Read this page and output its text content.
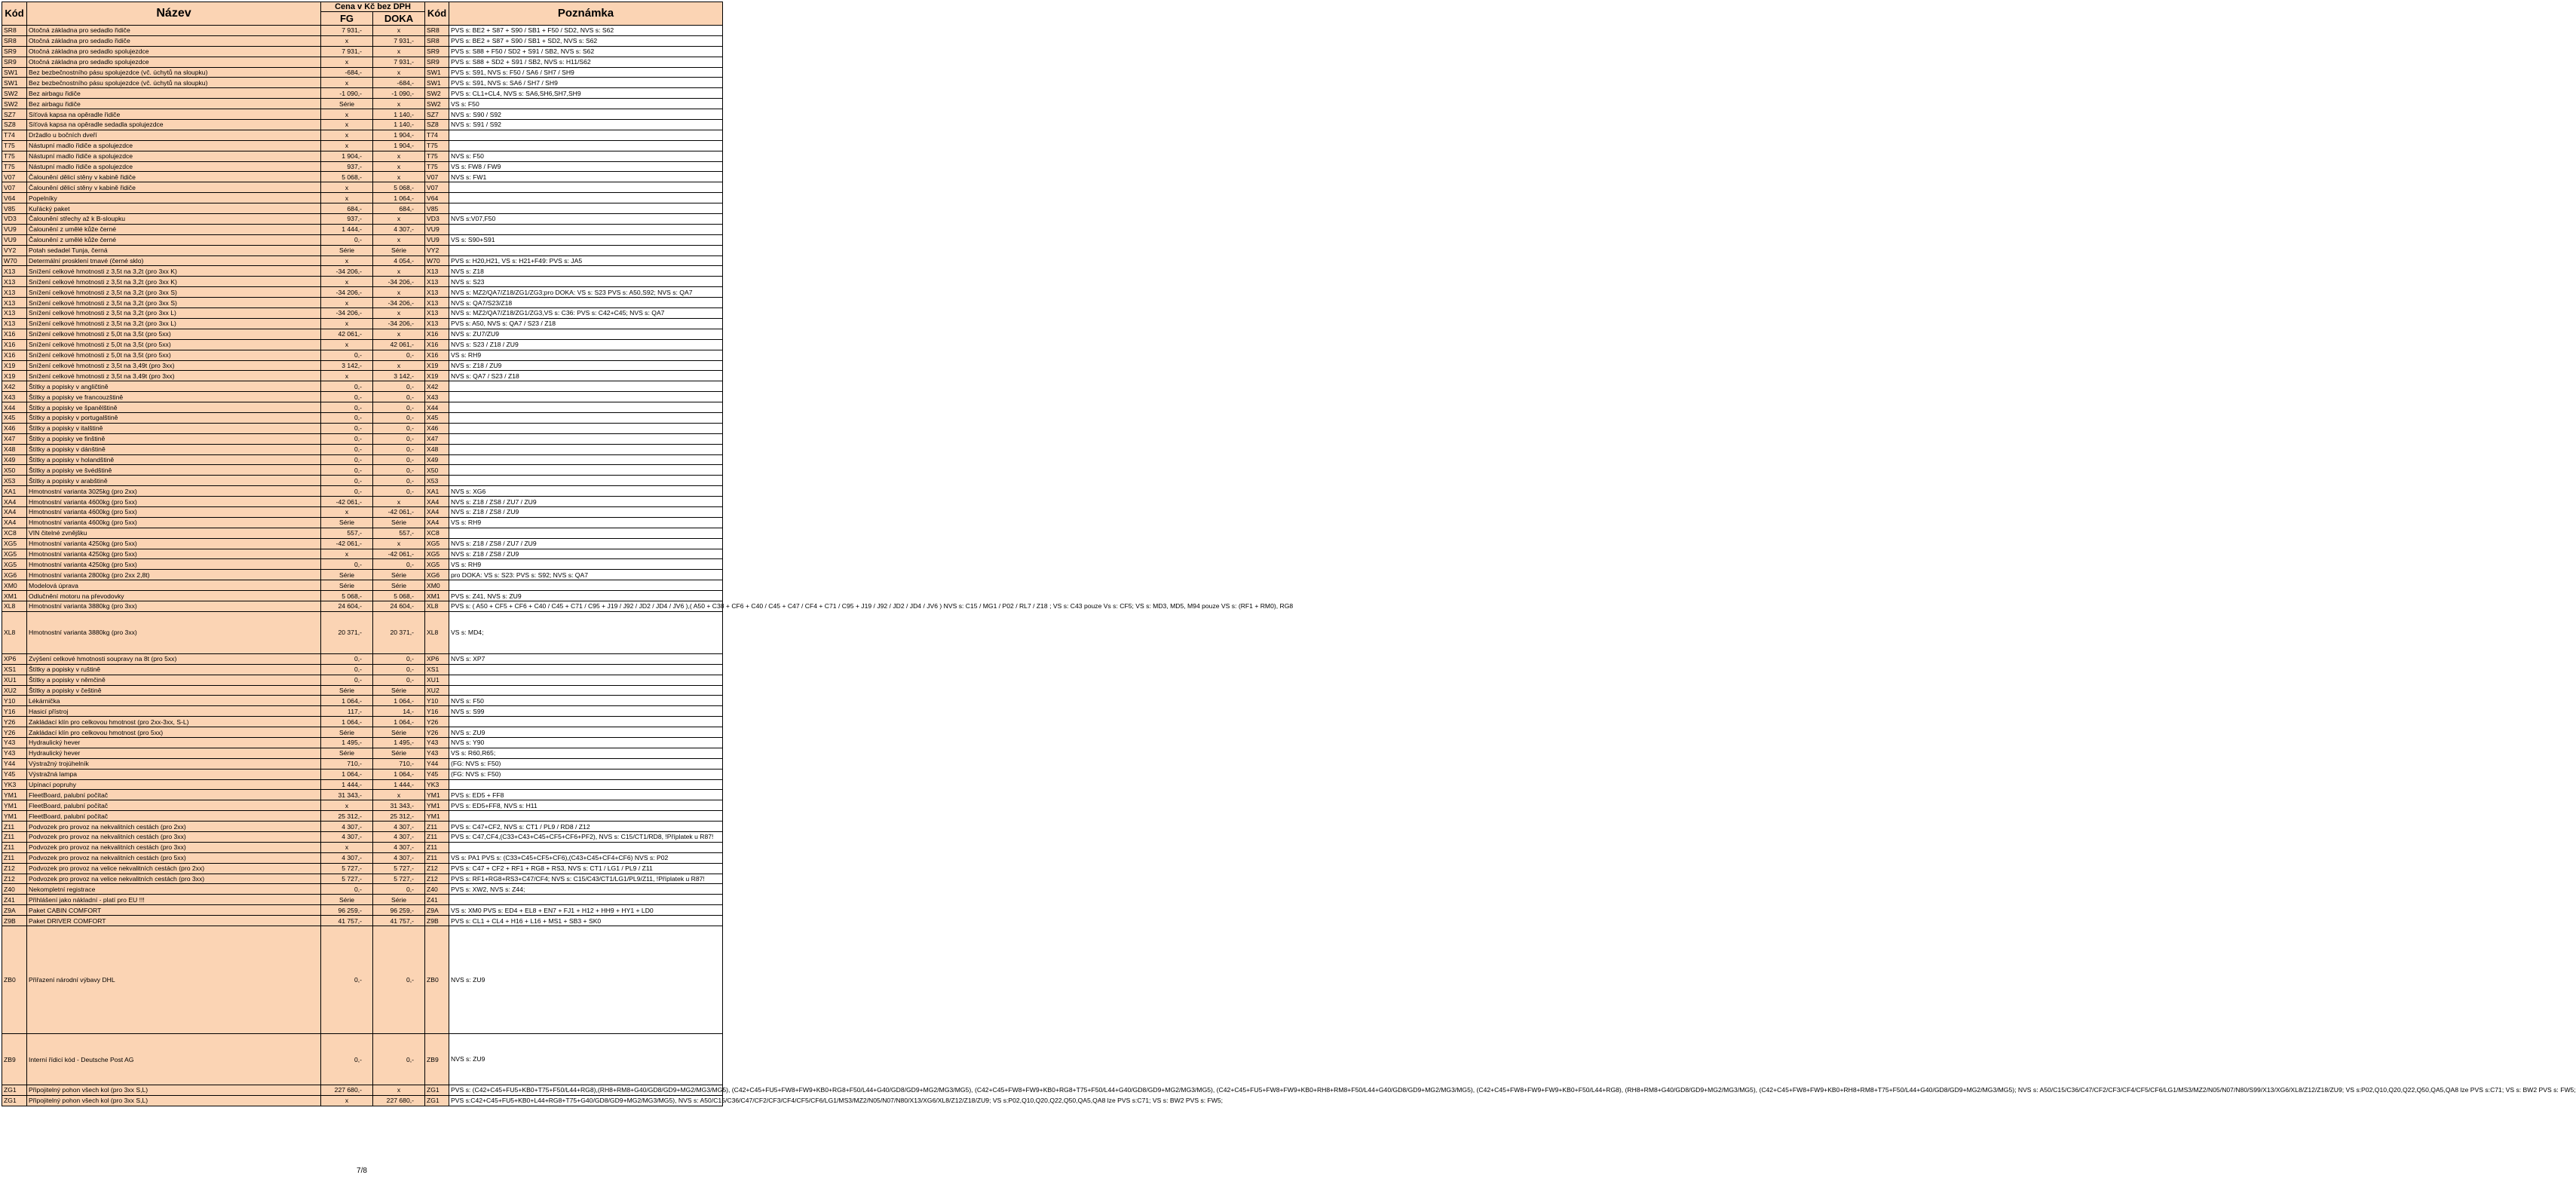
Kód	Název	Cena v Kč bez DPH		Kód	Poznámka
		FG	DOKA		
SR8	Otočná základna pro sedadlo řidiče	7 931,-	x	SR8	PVS s: BE2 + S87 + S90 / SB1 + F50 / SD2, NVS s: S62
SR8	Otočná základna pro sedadlo řidiče	x	7 931,-	SR8	PVS s: BE2 + S87 + S90 / SB1 + SD2, NVS s: S62
SR9	Otočná základna pro sedadlo spolujezdce	7 931,-	x	SR9	PVS s: S88 + F50 / SD2 + S91 / SB2, NVS s: S62
SR9	Otočná základna pro sedadlo spolujezdce	x	7 931,-	SR9	PVS s: S88 + SD2 + S91 / SB2, NVS s: H11/S62
SW1	Bez bezbečnostního pásu spolujezdce (vč. úchytů na sloupku)	-684,-	x	SW1	PVS s: S91, NVS s: F50 / SA6 / SH7 / SH9
SW1	Bez bezbečnostního pásu spolujezdce (vč. úchytů na sloupku)	x	-684,-	SW1	PVS s: S91, NVS s: SA6 / SH7 / SH9
SW2	Bez airbagu řidiče	-1 090,-	-1 090,-	SW2	PVS s: CL1+CL4, NVS s: SA6,SH6,SH7,SH9
SW2	Bez airbagu řidiče	Série	x	SW2	VS s: F50
SZ7	Síťová kapsa na opěradle řidiče	x	1 140,-	SZ7	NVS s: S90 / S92
SZ8	Síťová kapsa na opěradle sedadla spolujezdce	x	1 140,-	SZ8	NVS s: S91 / S92
T74	Držadlo u bočních dveří	x	1 904,-	T74	
T75	Nástupní madlo řidiče a spolujezdce	x	1 904,-	T75	
T75	Nástupní madlo řidiče a spolujezdce	1 904,-	x	T75	NVS s: F50
T75	Nástupní madlo řidiče a spolujezdce	937,-	x	T75	VS s: FW8 / FW9
V07	Čalounění dělicí stěny v kabině řidiče	5 068,-	x	V07	NVS s: FW1
V07	Čalounění dělicí stěny v kabině řidiče	x	5 068,-	V07	
V64	Popelníky	x	1 064,-	V64	
V85	Kuřácký paket	684,-	684,-	V85	
VD3	Čalounění střechy až k B-sloupku	937,-	x	VD3	NVS s:V07,F50
VU9	Čalounění z umělé kůže černé	1 444,-	4 307,-	VU9	
VU9	Čalounění z umělé kůže černé	0,-	x	VU9	VS s: S90+S91
VY2	Potah sedadel Tunja, černá	Série	Série	VY2	
W70	Determální prosklení tmavé (černé sklo)	x	4 054,-	W70	PVS s: H20,H21, VS s: H21+F49: PVS s: JA5
X13	Snížení celkové hmotnosti z 3,5t na 3,2t (pro 3xx K)	-34 206,-	x	X13	NVS s: Z18
X13	Snížení celkové hmotnosti z 3,5t na 3,2t (pro 3xx K)	x	-34 206,-	X13	NVS s: S23
X13	Snížení celkové hmotnosti z 3,5t na 3,2t (pro 3xx S)	-34 206,-	x	X13	NVS s: MZ2/QA7/Z18/ZG1/ZG3;pro DOKA: VS s: S23 PVS s: A50,S92; NVS s: QA7
X13	Snížení celkové hmotnosti z 3,5t na 3,2t (pro 3xx S)	x	-34 206,-	X13	NVS s: QA7/S23/Z18
X13	Snížení celkové hmotnosti z 3,5t na 3,2t (pro 3xx L)	-34 206,-	x	X13	NVS s: MZ2/QA7/Z18/ZG1/ZG3,VS s: C36: PVS s: C42+C45; NVS s: QA7
X13	Snížení celkové hmotnosti z 3,5t na 3,2t (pro 3xx L)	x	-34 206,-	X13	PVS s: A50, NVS s: QA7 / S23 / Z18
X16	Snížení celkové hmotnosti z 5,0t na 3,5t (pro 5xx)	42 061,-	x	X16	NVS s: ZU7/ZU9
X16	Snížení celkové hmotnosti z 5,0t na 3,5t (pro 5xx)	x	42 061,-	X16	NVS s: S23 / Z18 / ZU9
X16	Snížení celkové hmotnosti z 5,0t na 3,5t (pro 5xx)	0,-	0,-	X16	VS s: RH9
X19	Snížení celkové hmotnosti z 3,5t na 3,49t (pro 3xx)	3 142,-	x	X19	NVS s: Z18 / ZU9
X19	Snížení celkové hmotnosti z 3,5t na 3,49t (pro 3xx)	x	3 142,-	X19	NVS s: QA7 / S23 / Z18
X42	Štítky a popisky v angličtině	0,-	0,-	X42	
X43	Štítky a popisky ve francouzštině	0,-	0,-	X43	
X44	Štítky a popisky ve španělštině	0,-	0,-	X44	
X45	Štítky a popisky v portugalštině	0,-	0,-	X45	
X46	Štítky a popisky v italštině	0,-	0,-	X46	
X47	Štítky a popisky ve finštině	0,-	0,-	X47	
X48	Štítky a popisky v dánštině	0,-	0,-	X48	
X49	Štítky a popisky v holandštině	0,-	0,-	X49	
X50	Štítky a popisky ve švédštině	0,-	0,-	X50	
X53	Štítky a popisky v arabštině	0,-	0,-	X53	
XA1	Hmotnostní varianta 3025kg (pro 2xx)	0,-	0,-	XA1	NVS s: XG6
XA4	Hmotnostní varianta 4600kg (pro 5xx)	-42 061,-	x	XA4	NVS s: Z18 / ZS8 / ZU7 / ZU9
XA4	Hmotnostní varianta 4600kg (pro 5xx)	x	-42 061,-	XA4	NVS s: Z18 / ZS8 / ZU9
XA4	Hmotnostní varianta 4600kg (pro 5xx)	Série	Série	XA4	VS s: RH9
XC8	VIN čitelné zvnějšku	557,-	557,-	XC8	
XG5	Hmotnostní varianta 4250kg (pro 5xx)	-42 061,-	x	XG5	NVS s: Z18 / ZS8 / ZU7 / ZU9
XG5	Hmotnostní varianta 4250kg (pro 5xx)	x	-42 061,-	XG5	NVS s: Z18 / ZS8 / ZU9
XG5	Hmotnostní varianta 4250kg (pro 5xx)	0,-	0,-	XG5	VS s: RH9
XG6	Hmotnostní varianta 2800kg (pro 2xx 2,8t)	Série	Série	XG6	pro DOKA: VS s: S23: PVS s: S92; NVS s: QA7
XM0	Modelová úprava	Série	Série	XM0	
XM1	Odlučnění motoru na převodovky	5 068,-	5 068,-	XM1	PVS s: Z41, NVS s: ZU9
XL8	Hmotnostní varianta 3880kg (pro 3xx)	24 604,-	24 604,-	XL8	PVS s: ( A50 + CF5 + CF6 + C40 / C45 + C71 / C95 + J19 / J92 / JD2 / JD4 / JV6 ),( A50 + C38 + CF6 + C40 / C45 + C47 / CF4 + C71 / C95 + J19 / J92 / JD2 / JD4 / JV6 ) NVS s: C15 / MG1 / P02 / RL7 / Z18 ; VS s: C43 pouze Vs s: CF5; VS s: MD3, MD5, M94 pouze VS s: (RF1 + RM0), RG8
XL8	Hmotnostní varianta 3880kg (pro 3xx)	20 371,-	20 371,-	XL8	VS s: MD4;
XP6	Zvýšení celkové hmotnosti soupravy na 8t (pro 5xx)	0,-	0,-	XP6	NVS s: XP7
XS1	Štítky a popisky v ruštině	0,-	0,-	XS1	
XU1	Štítky a popisky v němčině	0,-	0,-	XU1	
XU2	Štítky a popisky v češtině	Série	Série	XU2	
Y10	Lékárnička	1 064,-	1 064,-	Y10	NVS s: F50
Y16	Hasicí přístroj	117,-	14,-	Y16	NVS s: S99
Y26	Zakládací klín pro celkovou hmotnost (pro 2xx-3xx, S-L)	1 064,-	1 064,-	Y26	
Y26	Zakládací klín pro celkovou hmotnost (pro 5xx)	Série	Série	Y26	NVS s: ZU9
Y43	Hydraulický hever	1 495,-	1 495,-	Y43	NVS s: Y90
Y43	Hydraulický hever	Série	Série	Y43	VS s: R60,R65;
Y44	Výstražný trojúhelník	710,-	710,-	Y44	(FG: NVS s: F50)
Y45	Výstražná lampa	1 064,-	1 064,-	Y45	(FG: NVS s: F50)
YK3	Upínací popruhy	1 444,-	1 444,-	YK3	
YM1	FleetBoard, palubní počítač	31 343,-	x	YM1	PVS s: ED5 + FF8
YM1	FleetBoard, palubní počítač	x	31 343,-	YM1	PVS s: ED5+FF8, NVS s: H11
YM1	FleetBoard, palubní počítač	25 312,-	25 312,-	YM1	
Z11	Podvozek pro provoz na nekvalitních cestách (pro 2xx)	4 307,-	4 307,-	Z11	PVS s: C47+CF2, NVS s: CT1 / PL9 / RD8 / Z12
Z11	Podvozek pro provoz na nekvalitních cestách (pro 3xx)	4 307,-	4 307,-	Z11	PVS s: C47,CF4,(C33+C43+C45+CF5+CF6+PF2), NVS s: C15/CT1/RD8, !Příplatek u R87!
Z11	Podvozek pro provoz na nekvalitních cestách (pro 3xx)	x	4 307,-	Z11	
Z11	Podvozek pro provoz na nekvalitních cestách (pro 5xx)	4 307,-	4 307,-	Z11	VS s: PA1 PVS s: (C33+C45+CF5+CF6),(C43+C45+CF4+CF6) NVS s: P02
Z12	Podvozek pro provoz na velice nekvalitních cestách (pro 2xx)	5 727,-	5 727,-	Z12	PVS s: C47 + CF2 + RF1 + RG8 + RS3, NVS s: CT1 / LG1 / PL9 / Z11
Z12	Podvozek pro provoz na velice nekvalitních cestách (pro 3xx)	5 727,-	5 727,-	Z12	PVS s: RF1+RG8+RS3+C47/CF4; NVS s: C15/C43/CT1/LG1/PL9/Z11, !Příplatek u R87!
Z40	Nekompletní registrace	0,-	0,-	Z40	PVS s: XW2, NVS s: Z44;
Z41	Přihlášení jako nákladní - platí pro EU !!!	Série	Série	Z41	
Z9A	Paket CABIN COMFORT	96 259,-	96 259,-	Z9A	VS s: XM0 PVS s: ED4 + EL8 + EN7 + FJ1 + H12 + HH9 + HY1 + LD0
Z9B	Paket DRIVER COMFORT	41 757,-	41 757,-	Z9B	PVS s: CL1 + CL4 + H16 + L16 + MS1 + SB3 + SK0
ZB0	Přiřazení národní výbavy DHL	0,-	0,-	ZB0	NVS s: ZU9
ZB9	Interní řídicí kód - Deutsche Post AG	0,-	0,-	ZB9	NVS s: ZU9
ZG1	Připojitelný pohon všech kol (pro 3xx S,L)	227 680,-	x	ZG1	PVS s: (C42+C45+FU5+KB0+T75+F50/L44+RG8),(RH8+RM8+G40/GD8/GD9+MG2/MG3/MG5), (C42+C45+FU5+FW8+FW9+KB0+RG8+F50/L44+G40/GD8/GD9+MG2/MG3/MG5), (C42+C45+FW8+FW9+KB0+RG8+T75+F50/L44+G40/GD8/GD9+MG2/MG3/MG5), (C42+C45+FU5+FW8+FW9+KB0+RH8+RM8+F50/L44+G40/GD8/GD9+MG2/MG3/MG5), (C42+C45+FW8+FW9+FW9+KB0+F50/L44+RG8), (RH8+RM8+G40/GD8/GD9+MG2/MG3/MG5), (C42+C45+FW8+FW9+KB0+RH8+RM8+T75+F50/L44+G40/GD8/GD9+MG2/MG3/MG5); NVS s: A50/C15/C36/C47/CF2/CF3/CF4/CF5/CF6/LG1/MS3/MZ2/N05/N07/N80/S99/X13/XG6/XL8/Z12/Z18/ZU9; VS s:P02,Q10,Q20,Q22,Q50,QA5,QA8 lze PVS s:C71; VS s: BW2 PVS s: FW5;
ZG1	Připojitelný pohon všech kol (pro 3xx S,L)	x	227 680,-	ZG1	PVS s:C42+C45+FU5+KB0+L44+RG8+T75+G40/GD8/GD9+MG2/MG3/MG5), NVS s: A50/C15/C36/C47/CF2/CF3/CF4/CF5/CF6/LG1/MS3/MZ2/N05/N07/N80/X13/XG6/XL8/Z12/Z18/ZU9; VS s:P02,Q10,Q20,Q22,Q50,QA5,QA8 lze PVS s:C71; VS s: BW2 PVS s: FW5;
7/8
